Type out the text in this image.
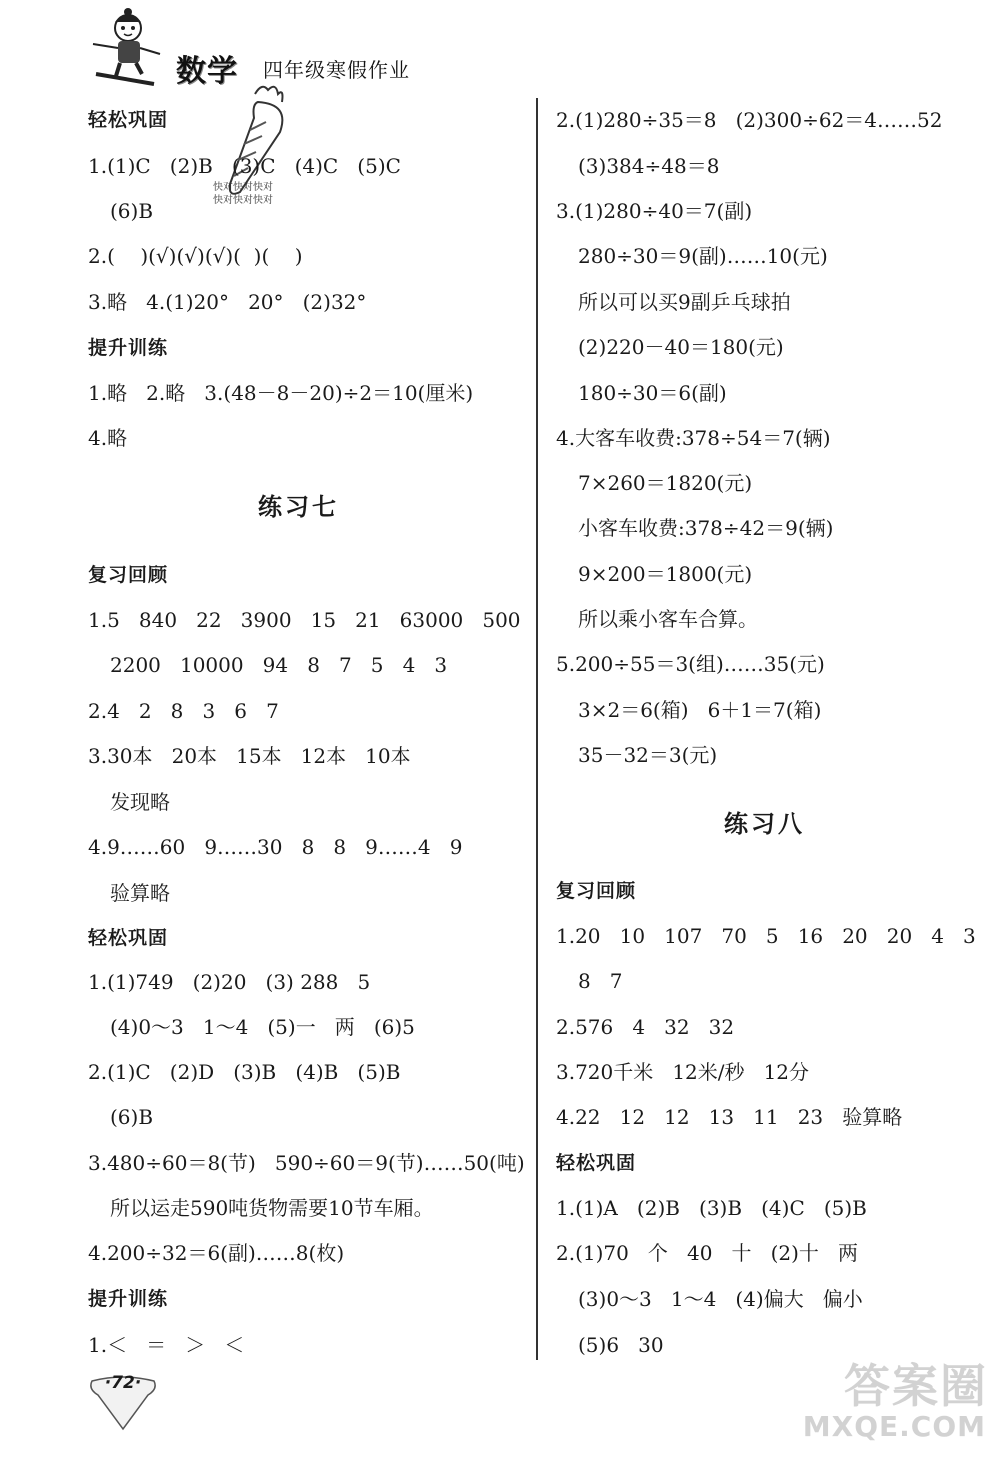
数学 四年级寒假作业
快对快对快对
快对快对快对
轻松巩固
1.(1)C   (2)B   (3)C   (4)C   (5)C
(6)B
2.(    )(√)(√)(√)(  )(    )
3.略   4.(1)20°   20°   (2)32°
提升训练
1.略   2.略   3.(48－8－20)÷2＝10(厘米)
4.略
练习七
复习回顾
1.5   840   22   3900   15   21   63000   500
2200   10000   94   8   7   5   4   3
2.4   2   8   3   6   7
3.30本   20本   15本   12本   10本
发现略
4.9……60   9……30   8   8   9……4   9
验算略
轻松巩固
1.(1)749   (2)20   (3) 288   5
(4)0～3   1～4   (5)一   两   (6)5
2.(1)C   (2)D   (3)B   (4)B   (5)B
(6)B
3.480÷60＝8(节)   590÷60＝9(节)……50(吨)
所以运走590吨货物需要10节车厢。
4.200÷32＝6(副)……8(枚)
提升训练
1.＜   ＝   ＞   ＜
2.(1)280÷35＝8   (2)300÷62＝4……52
(3)384÷48＝8
3.(1)280÷40＝7(副)
280÷30＝9(副)……10(元)
所以可以买9副乒乓球拍
(2)220－40＝180(元)
180÷30＝6(副)
4.大客车收费:378÷54＝7(辆)
7×260＝1820(元)
小客车收费:378÷42＝9(辆)
9×200＝1800(元)
所以乘小客车合算。
5.200÷55＝3(组)……35(元)
3×2＝6(箱)   6＋1＝7(箱)
35－32＝3(元)
练习八
复习回顾
1.20   10   107   70   5   16   20   20   4   3
8   7
2.576   4   32   32
3.720千米   12米/秒   12分
4.22   12   12   13   11   23   验算略
轻松巩固
1.(1)A   (2)B   (3)B   (4)C   (5)B
2.(1)70   个   40   十   (2)十   两
(3)0～3   1～4   (4)偏大   偏小
(5)6   30
·72·	答案圈
MXQE.COM
